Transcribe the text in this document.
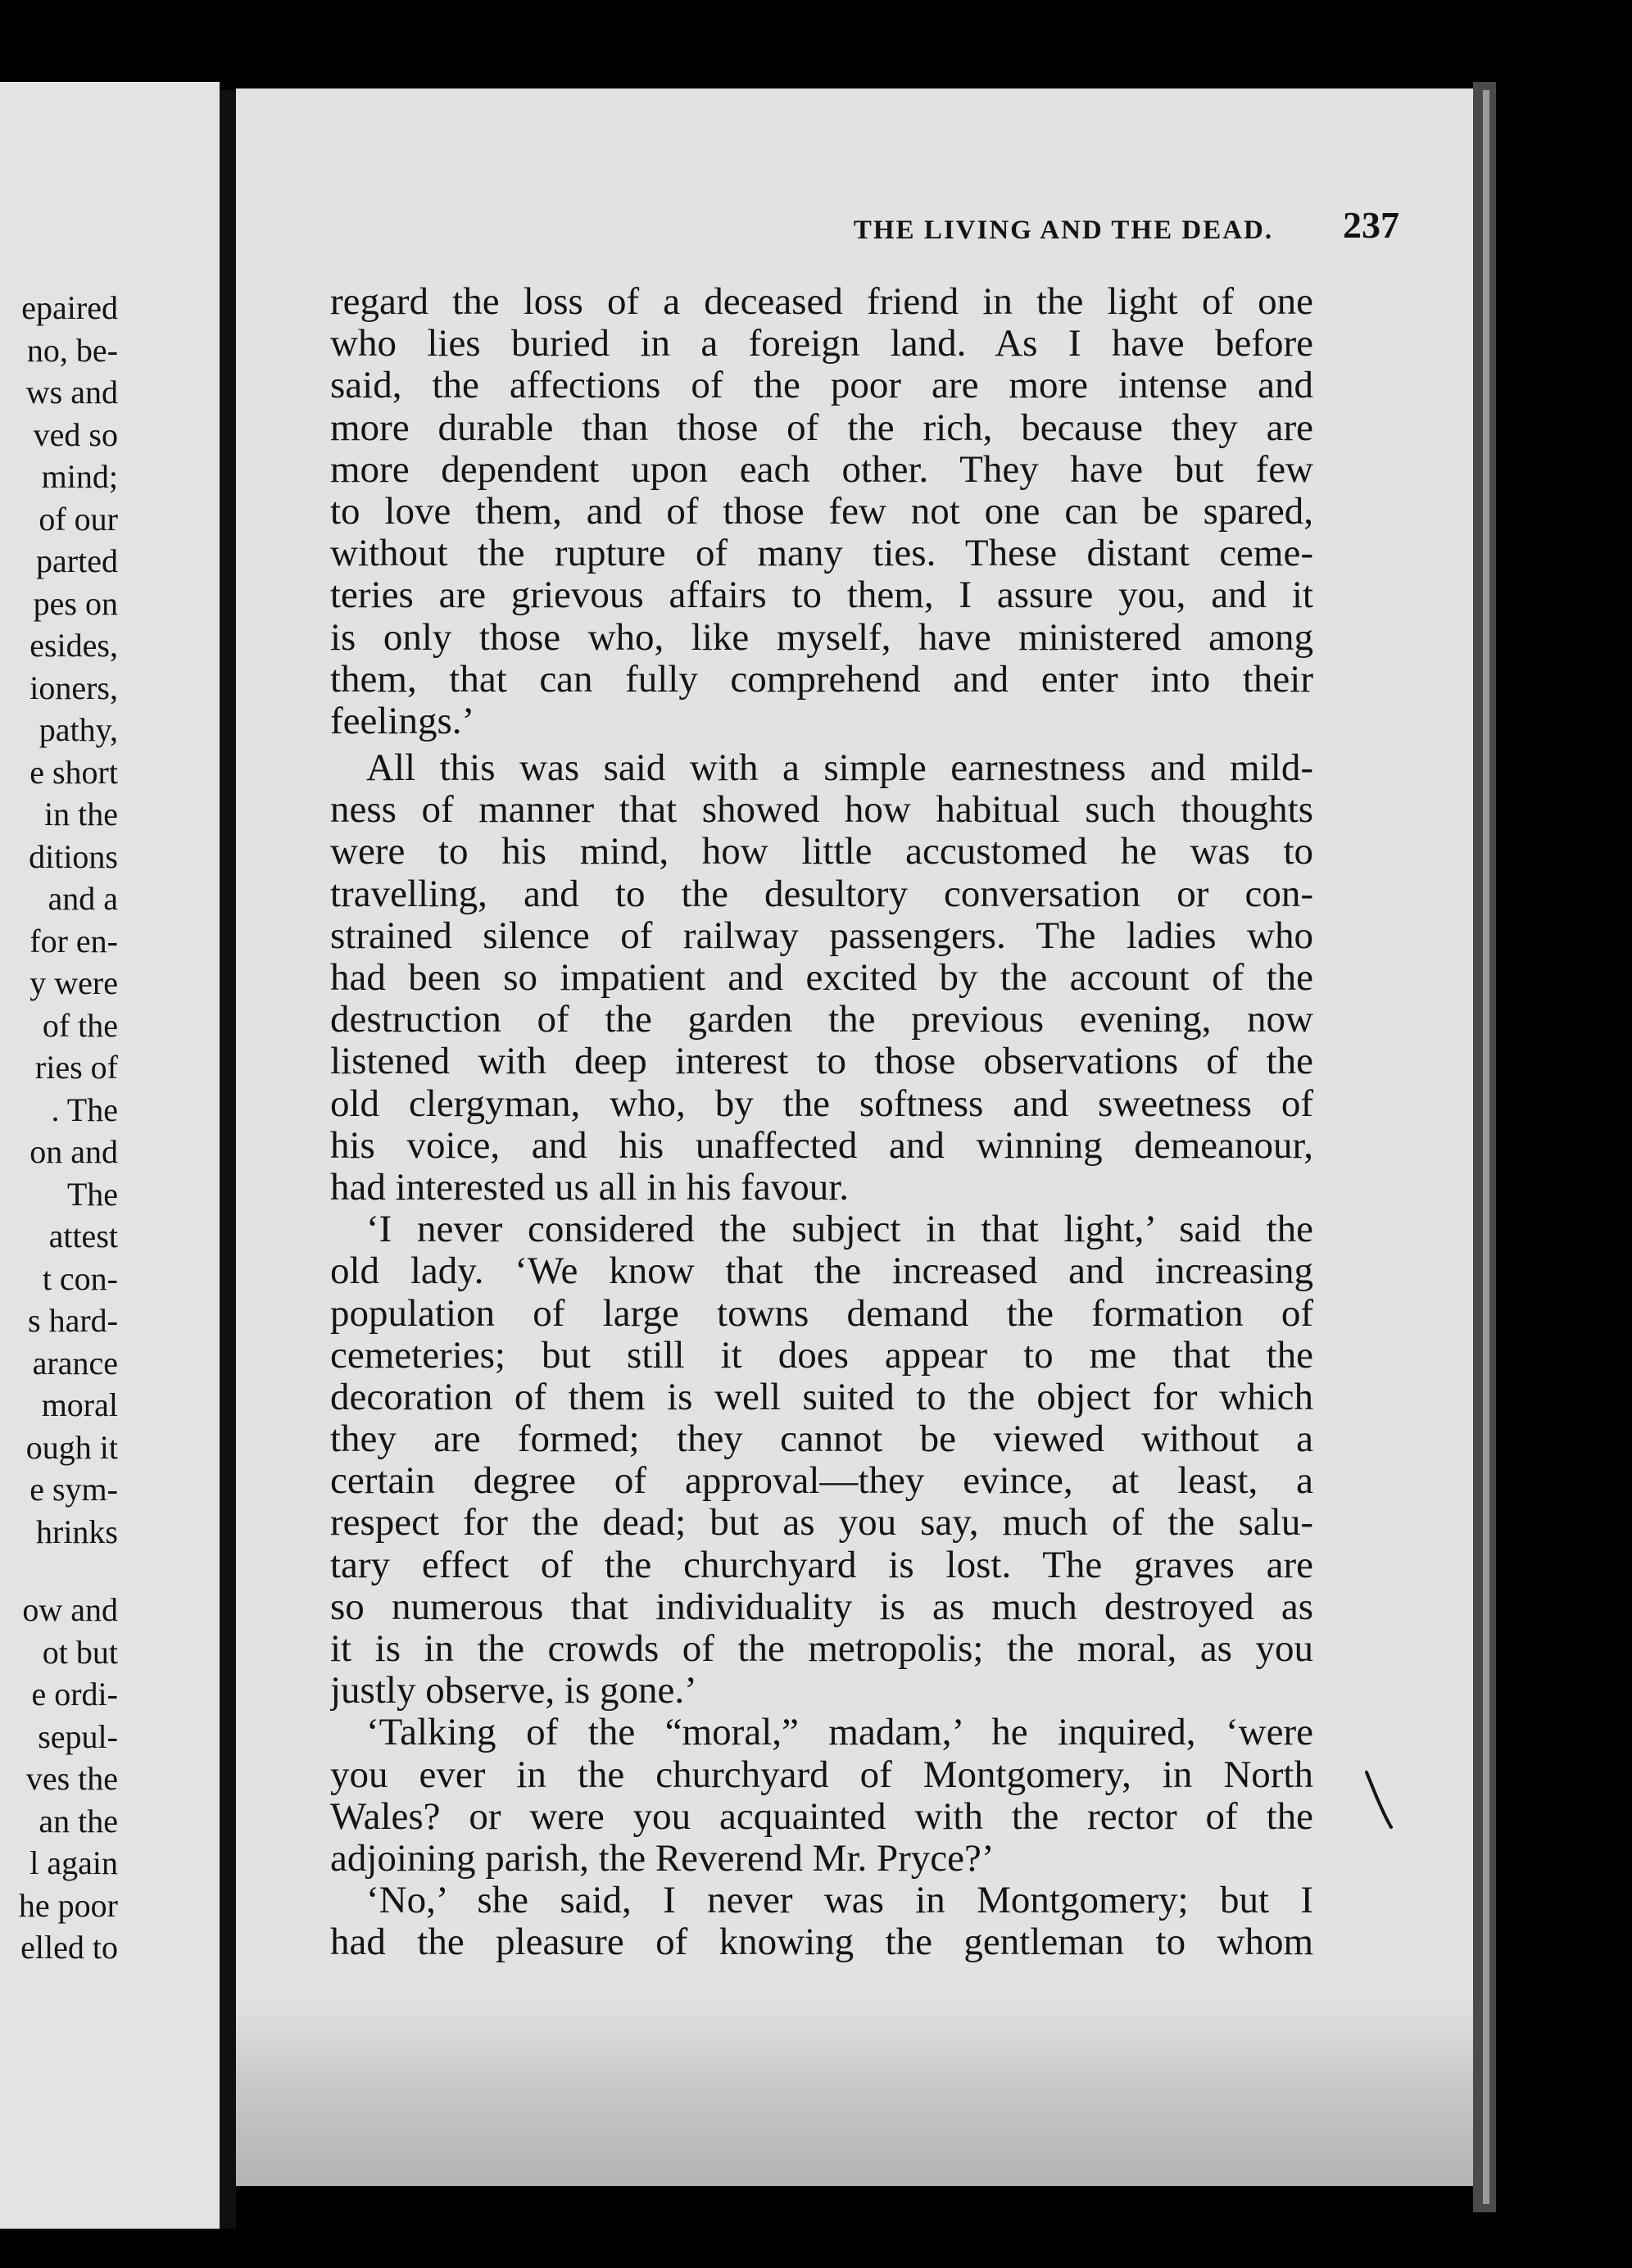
epaired
no, be-
ws and
ved so
mind;
of our
parted
pes on
esides,
ioners,
pathy,
e short
in the
ditions
and a
for en-
y were
of the
ries of
. The
on and
The
attest
t con-
s hard-
arance
moral
ough it
e sym-
hrinks
ow and
ot but
e ordi-
sepul-
ves the
an the
l again
he poor
elled to
THE LIVING AND THE DEAD.	237
regard the loss of a deceased friend in the light of one
who lies buried in a foreign land. As I have before
said, the affections of the poor are more intense and
more durable than those of the rich, because they are
more dependent upon each other. They have but few
to love them, and of those few not one can be spared,
without the rupture of many ties. These distant ceme-
teries are grievous affairs to them, I assure you, and it
is only those who, like myself, have ministered among
them, that can fully comprehend and enter into their
feelings.’
All this was said with a simple earnestness and mild-
ness of manner that showed how habitual such thoughts
were to his mind, how little accustomed he was to
travelling, and to the desultory conversation or con-
strained silence of railway passengers. The ladies who
had been so impatient and excited by the account of the
destruction of the garden the previous evening, now
listened with deep interest to those observations of the
old clergyman, who, by the softness and sweetness of
his voice, and his unaffected and winning demeanour,
had interested us all in his favour.
‘I never considered the subject in that light,’ said the
old lady. ‘We know that the increased and increasing
population of large towns demand the formation of
cemeteries; but still it does appear to me that the
decoration of them is well suited to the object for which
they are formed; they cannot be viewed without a
certain degree of approval—they evince, at least, a
respect for the dead; but as you say, much of the salu-
tary effect of the churchyard is lost. The graves are
so numerous that individuality is as much destroyed as
it is in the crowds of the metropolis; the moral, as you
justly observe, is gone.’
‘Talking of the “moral,” madam,’ he inquired, ‘were
you ever in the churchyard of Montgomery, in North
Wales? or were you acquainted with the rector of the
adjoining parish, the Reverend Mr. Pryce?’
‘No,’ she said, I never was in Montgomery; but I
had the pleasure of knowing the gentleman to whom
